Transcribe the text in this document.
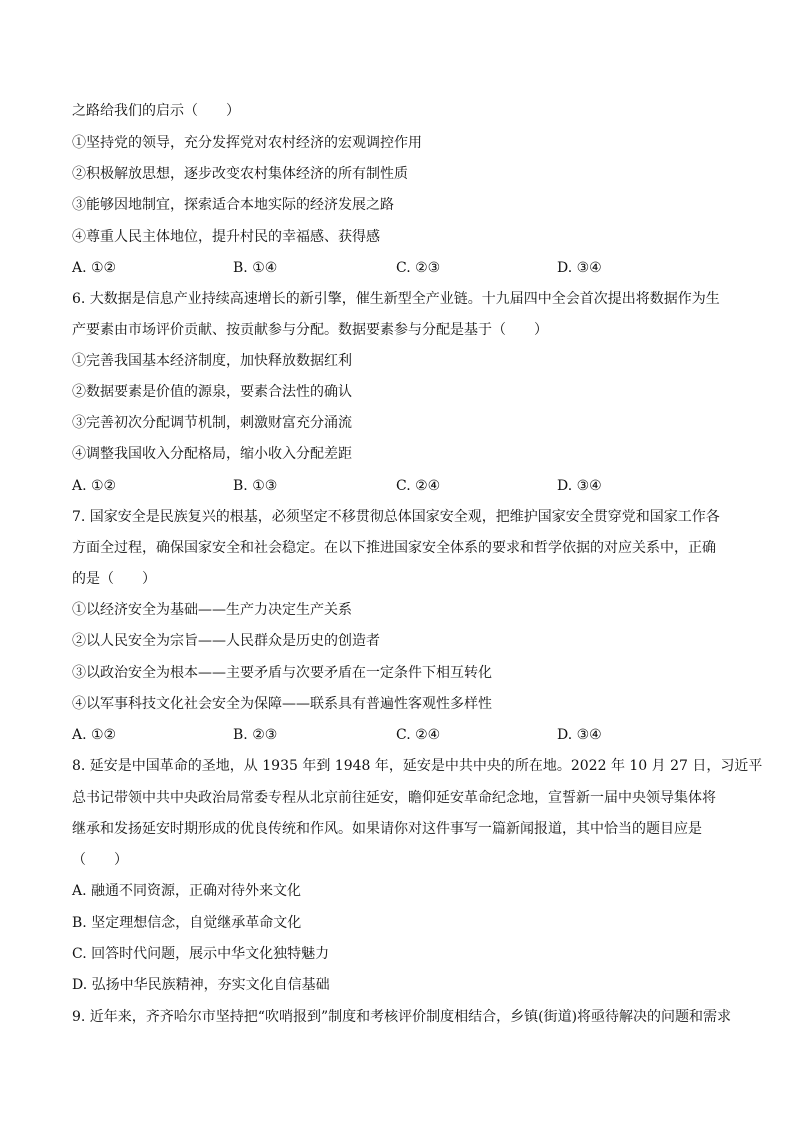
之路给我们的启示（　　）
①坚持党的领导，充分发挥党对农村经济的宏观调控作用
②积极解放思想，逐步改变农村集体经济的所有制性质
③能够因地制宜，探索适合本地实际的经济发展之路
④尊重人民主体地位，提升村民的幸福感、获得感
A. ①②	B. ①④	C. ②③	D. ③④
6. 大数据是信息产业持续高速增长的新引擎，催生新型全产业链。十九届四中全会首次提出将数据作为生
产要素由市场评价贡献、按贡献参与分配。数据要素参与分配是基于（　　）
①完善我国基本经济制度，加快释放数据红利
②数据要素是价值的源泉，要素合法性的确认
③完善初次分配调节机制，刺激财富充分涌流
④调整我国收入分配格局，缩小收入分配差距
A. ①②	B. ①③	C. ②④	D. ③④
7. 国家安全是民族复兴的根基，必须坚定不移贯彻总体国家安全观，把维护国家安全贯穿党和国家工作各
方面全过程，确保国家安全和社会稳定。在以下推进国家安全体系的要求和哲学依据的对应关系中，正确
的是（　　）
①以经济安全为基础——生产力决定生产关系
②以人民安全为宗旨——人民群众是历史的创造者
③以政治安全为根本——主要矛盾与次要矛盾在一定条件下相互转化
④以军事科技文化社会安全为保障——联系具有普遍性客观性多样性
A. ①②	B. ②③	C. ②④	D. ③④
8. 延安是中国革命的圣地，从 1935 年到 1948 年，延安是中共中央的所在地。2022 年 10 月 27 日，习近平
总书记带领中共中央政治局常委专程从北京前往延安，瞻仰延安革命纪念地，宣誓新一届中央领导集体将
继承和发扬延安时期形成的优良传统和作风。如果请你对这件事写一篇新闻报道，其中恰当的题目应是
（　　）
A. 融通不同资源，正确对待外来文化
B. 坚定理想信念，自觉继承革命文化
C. 回答时代问题，展示中华文化独特魅力
D. 弘扬中华民族精神，夯实文化自信基础
9. 近年来，齐齐哈尔市坚持把“吹哨报到”制度和考核评价制度相结合，乡镇(街道)将亟待解决的问题和需求
